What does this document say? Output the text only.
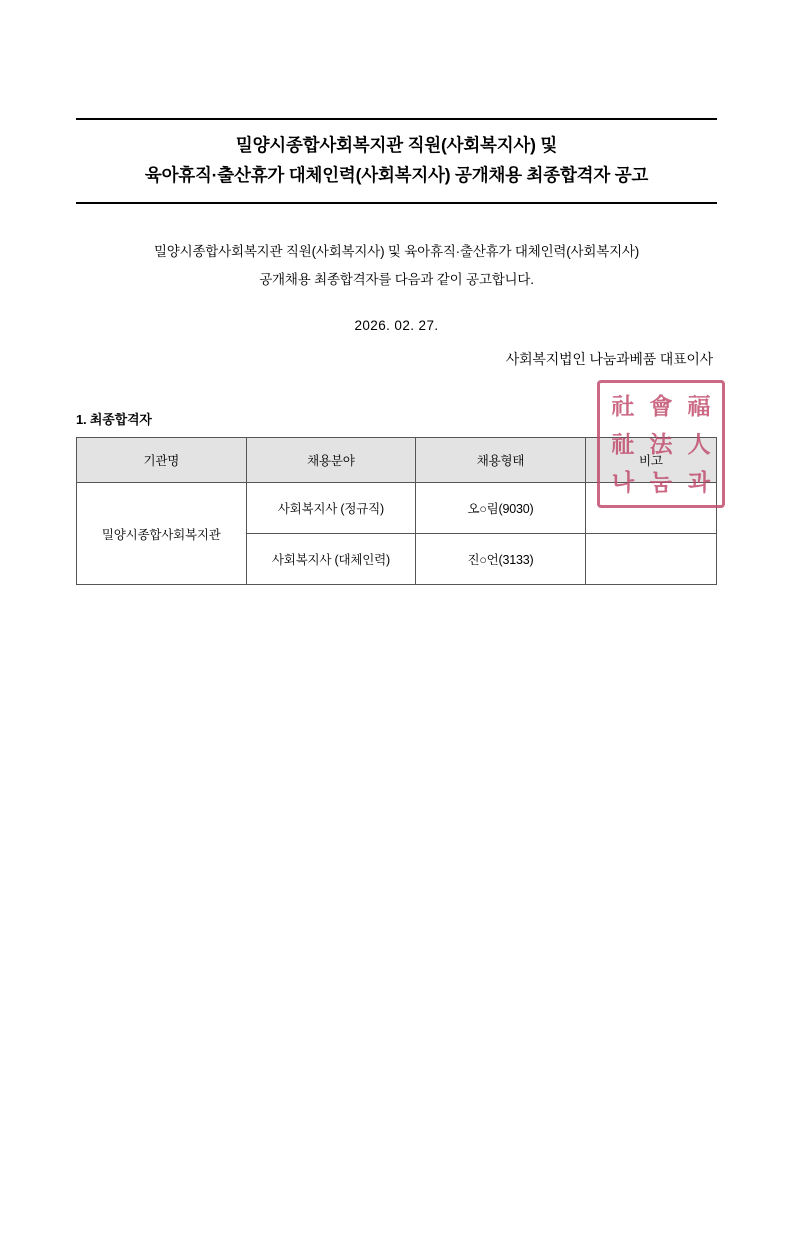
밀양시종합사회복지관 직원(사회복지사) 및
육아휴직·출산휴가 대체인력(사회복지사) 공개채용 최종합격자 공고
밀양시종합사회복지관 직원(사회복지사) 및 육아휴직·출산휴가 대체인력(사회복지사)
공개채용 최종합격자를 다음과 같이 공고합니다.
2026. 02. 27.
사회복지법인 나눔과베품 대표이사
社 會 福
祉 法 人
나 눔 과
1. 최종합격자
기관명	채용분야	채용형태	비고
밀양시종합사회복지관	사회복지사 (정규직)	오○림(9030)	
	사회복지사 (대체인력)	진○언(3133)	
